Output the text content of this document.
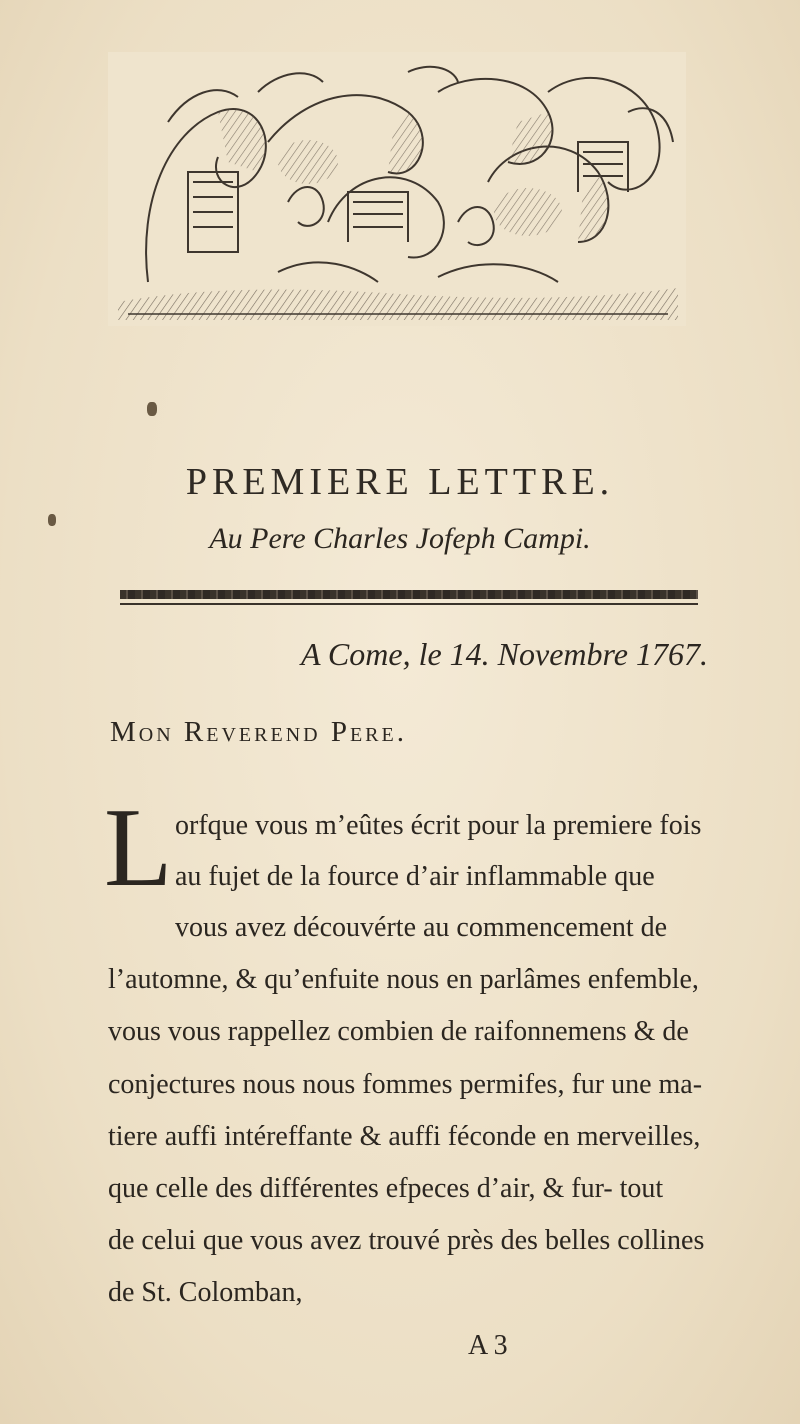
PREMIERE LETTRE.
Au Pere Charles Jofeph Campi.
A Come, le 14. Novembre 1767.
Mon Reverend Pere.
L orfque vous m’eûtes écrit pour la premiere fois
au fujet de la fource d’air inflammable que
vous avez découvérte au commencement de
l’automne, & qu’enfuite nous en parlâmes enfemble,
vous vous rappellez combien de raifonnemens & de
conjectures nous nous fommes permifes, fur une ma-
tiere auffi intéreffante & auffi féconde en merveilles,
que celle des différentes efpeces d’air, & fur- tout
de celui que vous avez trouvé près des belles collines
de St. Colomban,
A 3
